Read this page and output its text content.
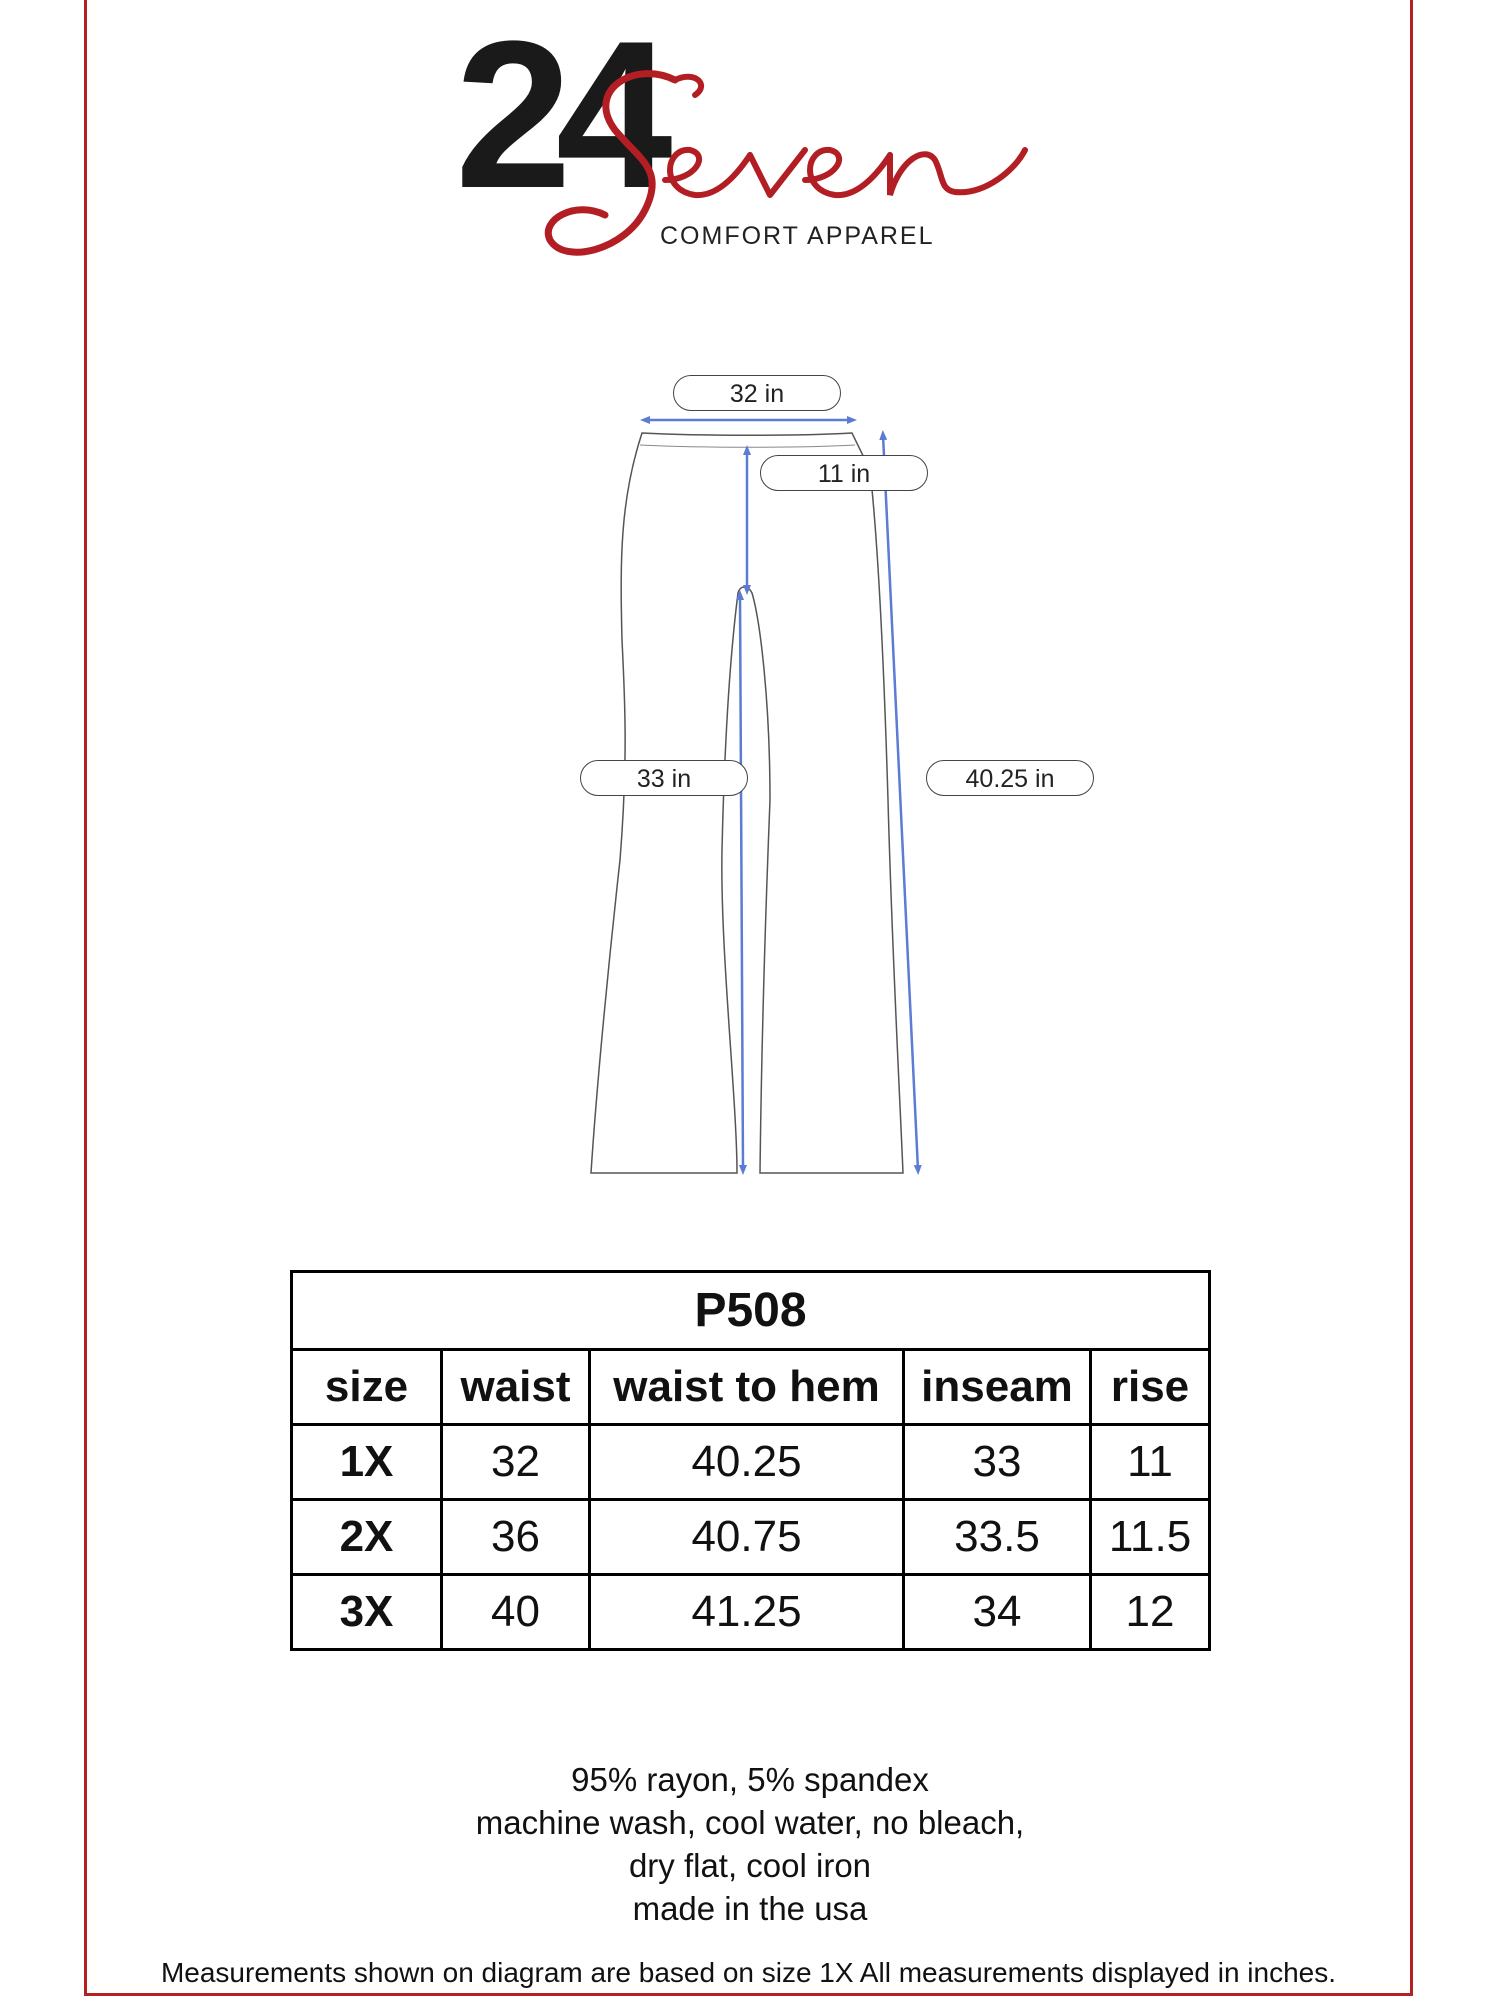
24
COMFORT APPAREL
32 in
11 in
33 in	40.25 in
P508				
size	waist	waist to hem	inseam	rise
1X	32	40.25	33	11
2X	36	40.75	33.5	11.5
3X	40	41.25	34	12
95% rayon, 5% spandex
machine wash, cool water, no bleach,
dry flat, cool iron
made in the usa
Measurements shown on diagram are based on size 1X All measurements displayed in inches.
